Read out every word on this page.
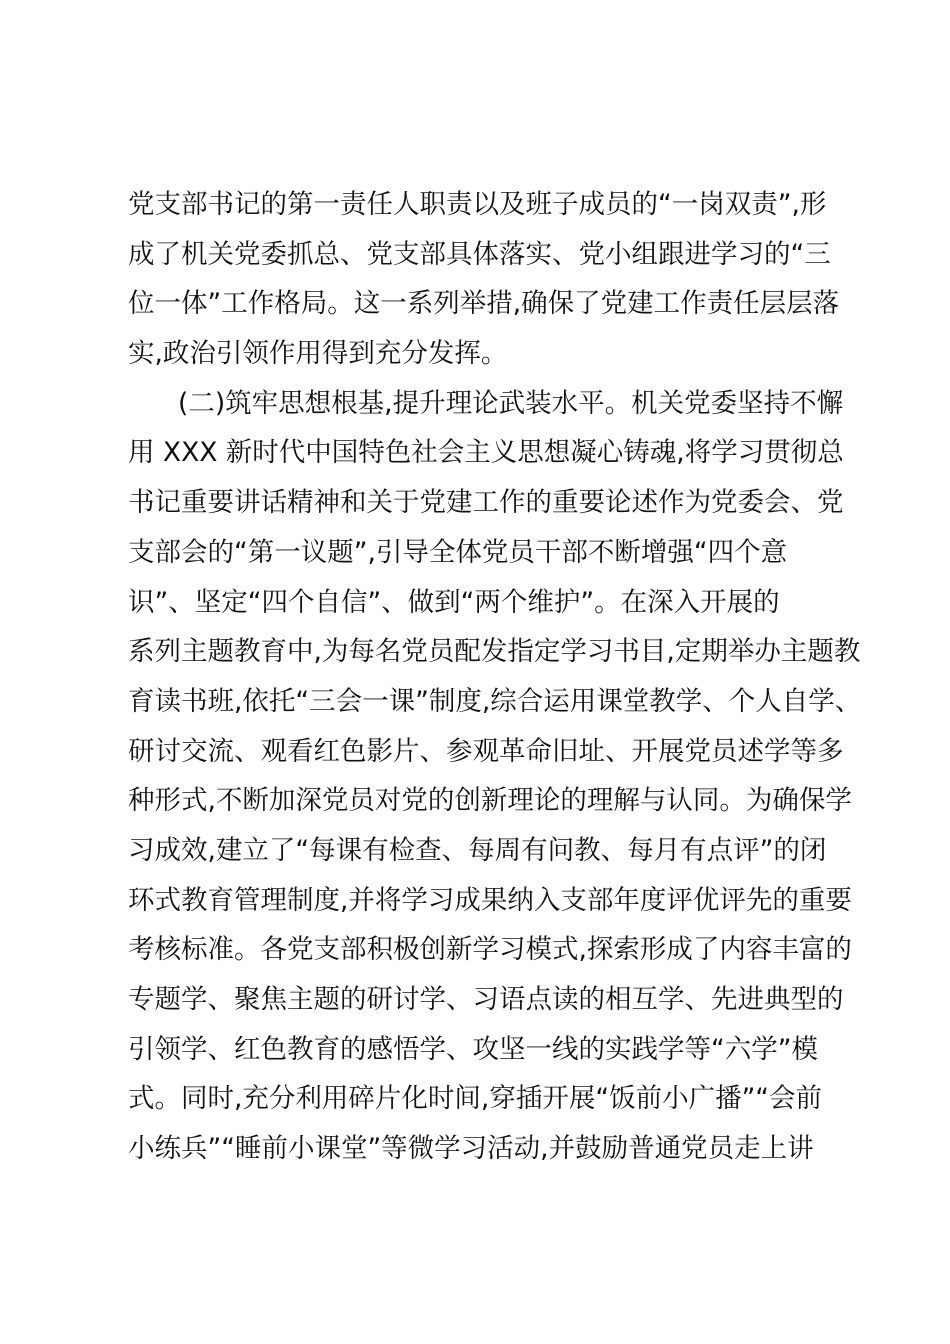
党支部书记的第一责任人职责以及班子成员的“一岗双责”,形
成了机关党委抓总、党支部具体落实、党小组跟进学习的“三
位一体”工作格局。这一系列举措,确保了党建工作责任层层落
实,政治引领作用得到充分发挥。
(二)筑牢思想根基,提升理论武装水平。机关党委坚持不懈
用 XXX 新时代中国特色社会主义思想凝心铸魂,将学习贯彻总
书记重要讲话精神和关于党建工作的重要论述作为党委会、党
支部会的“第一议题”,引导全体党员干部不断增强“四个意
识”、坚定“四个自信”、做到“两个维护”。在深入开展的
系列主题教育中,为每名党员配发指定学习书目,定期举办主题教
育读书班,依托“三会一课”制度,综合运用课堂教学、个人自学、
研讨交流、观看红色影片、参观革命旧址、开展党员述学等多
种形式,不断加深党员对党的创新理论的理解与认同。为确保学
习成效,建立了“每课有检查、每周有问教、每月有点评”的闭
环式教育管理制度,并将学习成果纳入支部年度评优评先的重要
考核标准。各党支部积极创新学习模式,探索形成了内容丰富的
专题学、聚焦主题的研讨学、习语点读的相互学、先进典型的
引领学、红色教育的感悟学、攻坚一线的实践学等“六学”模
式。同时,充分利用碎片化时间,穿插开展“饭前小广播”“会前
小练兵”“睡前小课堂”等微学习活动,并鼓励普通党员走上讲
